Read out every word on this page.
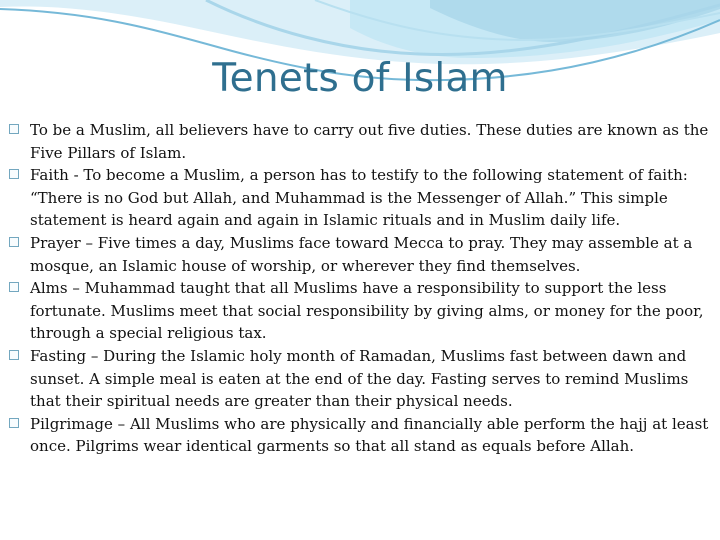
Tenets of Islam
To be a Muslim, all believers have to carry out five duties. These duties are known as the Five Pillars of Islam.
Faith - To become a Muslim, a person has to testify to the following statement of faith: “There is no God but Allah, and Muhammad is the Messenger of Allah.” This simple statement is heard again and again in Islamic rituals and in Muslim daily life.
Prayer – Five times a day, Muslims face toward Mecca to pray. They may assemble at a mosque, an Islamic house of worship, or wherever they find themselves.
Alms – Muhammad taught that all Muslims have a responsibility to support the less fortunate. Muslims meet that social responsibility by giving alms, or money for the poor, through a special religious tax.
Fasting – During the Islamic holy month of Ramadan, Muslims fast between dawn and sunset. A simple meal is eaten at the end of the day. Fasting serves to remind Muslims that their spiritual needs are greater than their physical needs.
Pilgrimage – All Muslims who are physically and financially able perform the hajj at least once. Pilgrims wear identical garments so that all stand as equals before Allah.
